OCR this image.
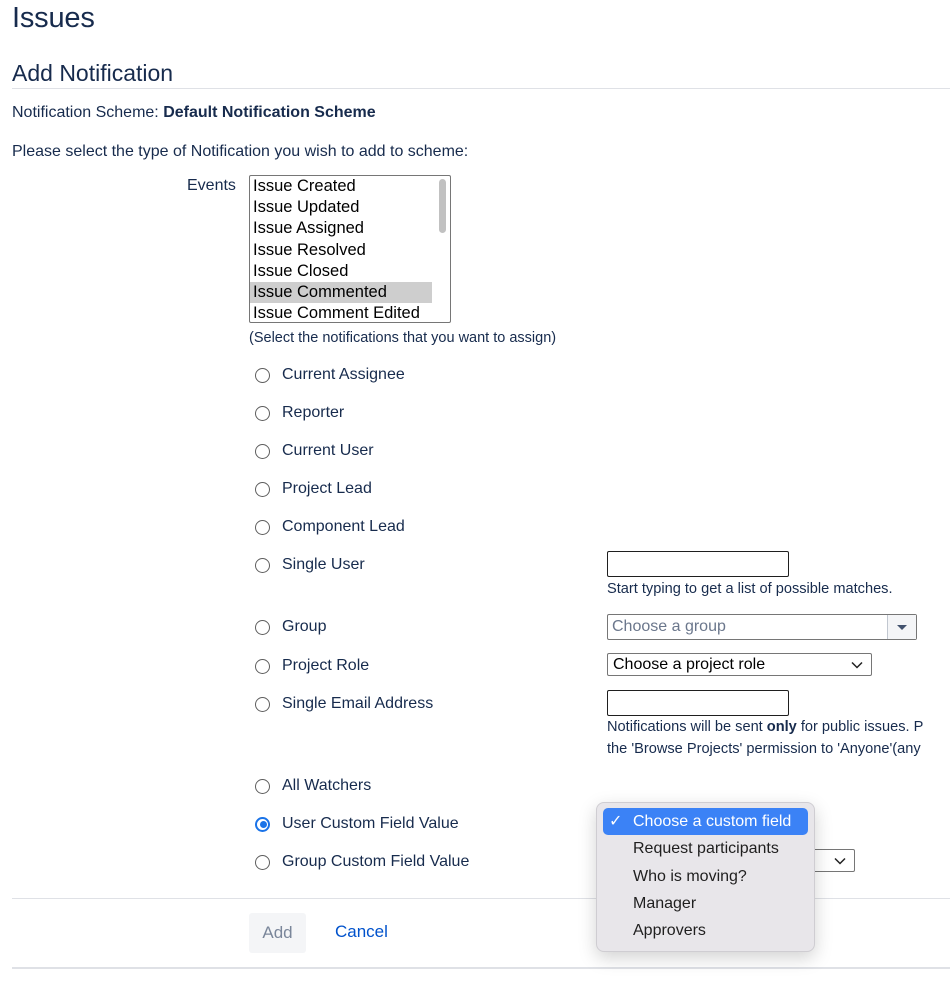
Issues
Add Notification
Notification Scheme: Default Notification Scheme
Please select the type of Notification you wish to add to scheme:
Events Issue Created
Issue Updated
Issue Assigned
Issue Resolved
Issue Closed
Issue Commented
Issue Comment Edited
(Select the notifications that you want to assign)
Current Assignee
Reporter
Current User
Project Lead
Component Lead
Single User
Start typing to get a list of possible matches.
Group	Choose a group
Project Role	Choose a project role
Single Email Address
Notifications will be sent only for public issues. P
the 'Browse Projects' permission to 'Anyone'(any
All Watchers
User Custom Field Value
Group Custom Field Value
Add	Cancel
✓ Choose a custom field
Request participants
Who is moving?
Manager
Approvers
